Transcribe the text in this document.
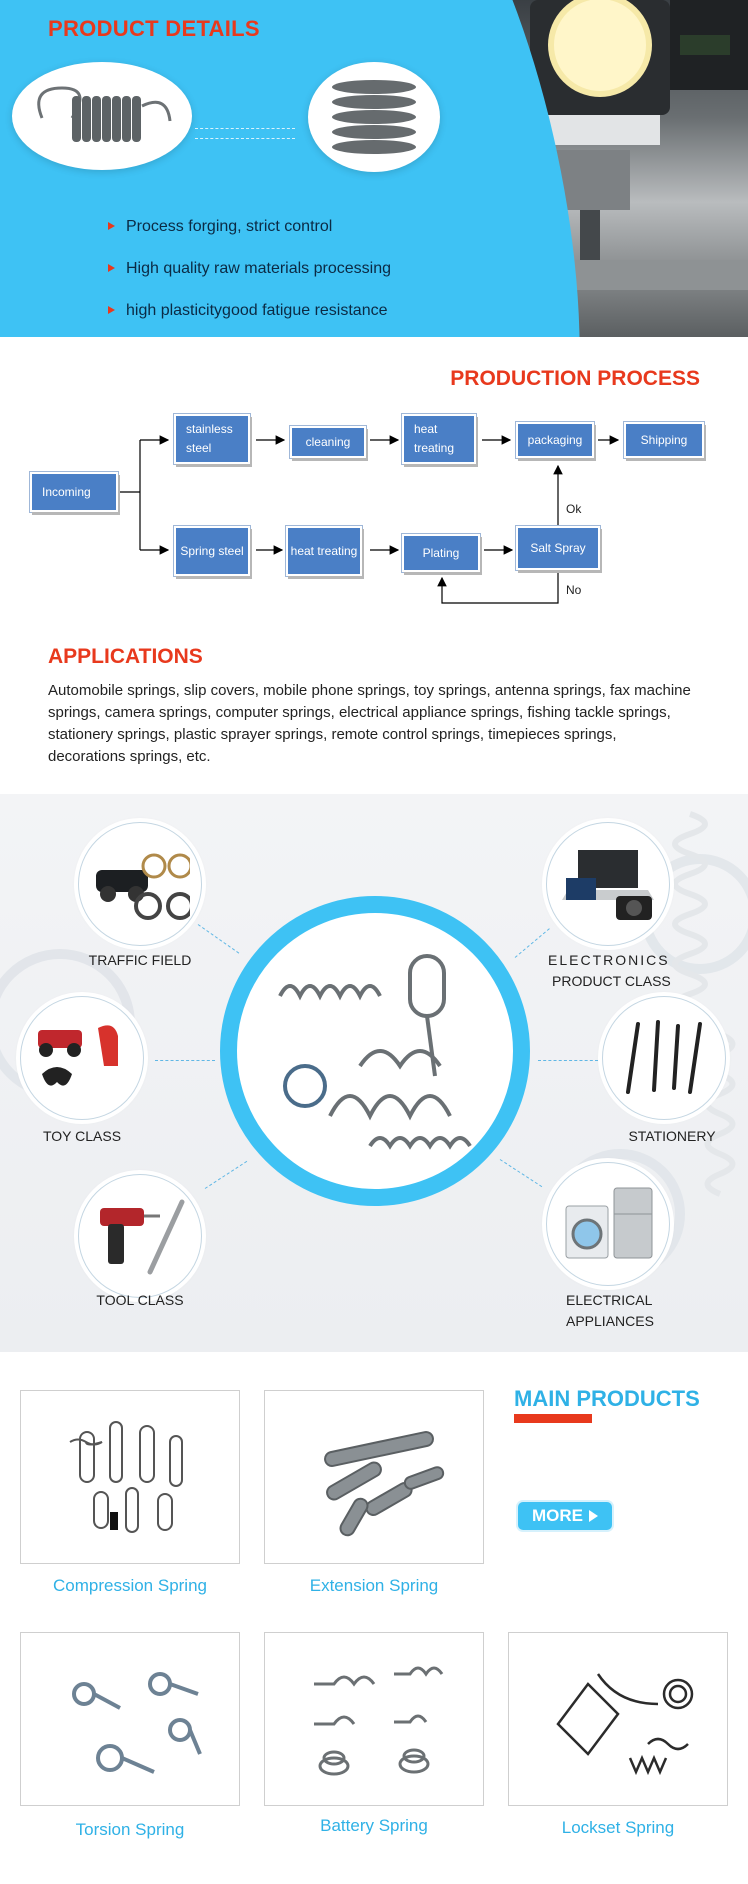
PRODUCT DETAILS
Process forging, strict control
High quality raw materials processing
high plasticitygood fatigue resistance
PRODUCTION PROCESS
Incoming
stainless steel	cleaning
heat treating
packaging	Shipping
Spring steel	heat treating	Plating	Salt Spray
Ok
No
APPLICATIONS

Automobile springs, slip covers, mobile phone springs, toy springs, antenna springs, fax machine springs, camera springs, computer springs, electrical appliance springs, fishing tackle springs, stationery springs, plastic sprayer springs, remote control springs, timepieces springs, decorations springs, etc.

TRAFFIC FIELD	ELECTRONICS
PRODUCT CLASS
TOY CLASS	STATIONERY
TOOL CLASS	ELECTRICAL
APPLIANCES
Compression Spring	Extension Spring
MAIN PRODUCTS
MORE
Torsion Spring	Battery Spring	Lockset Spring
